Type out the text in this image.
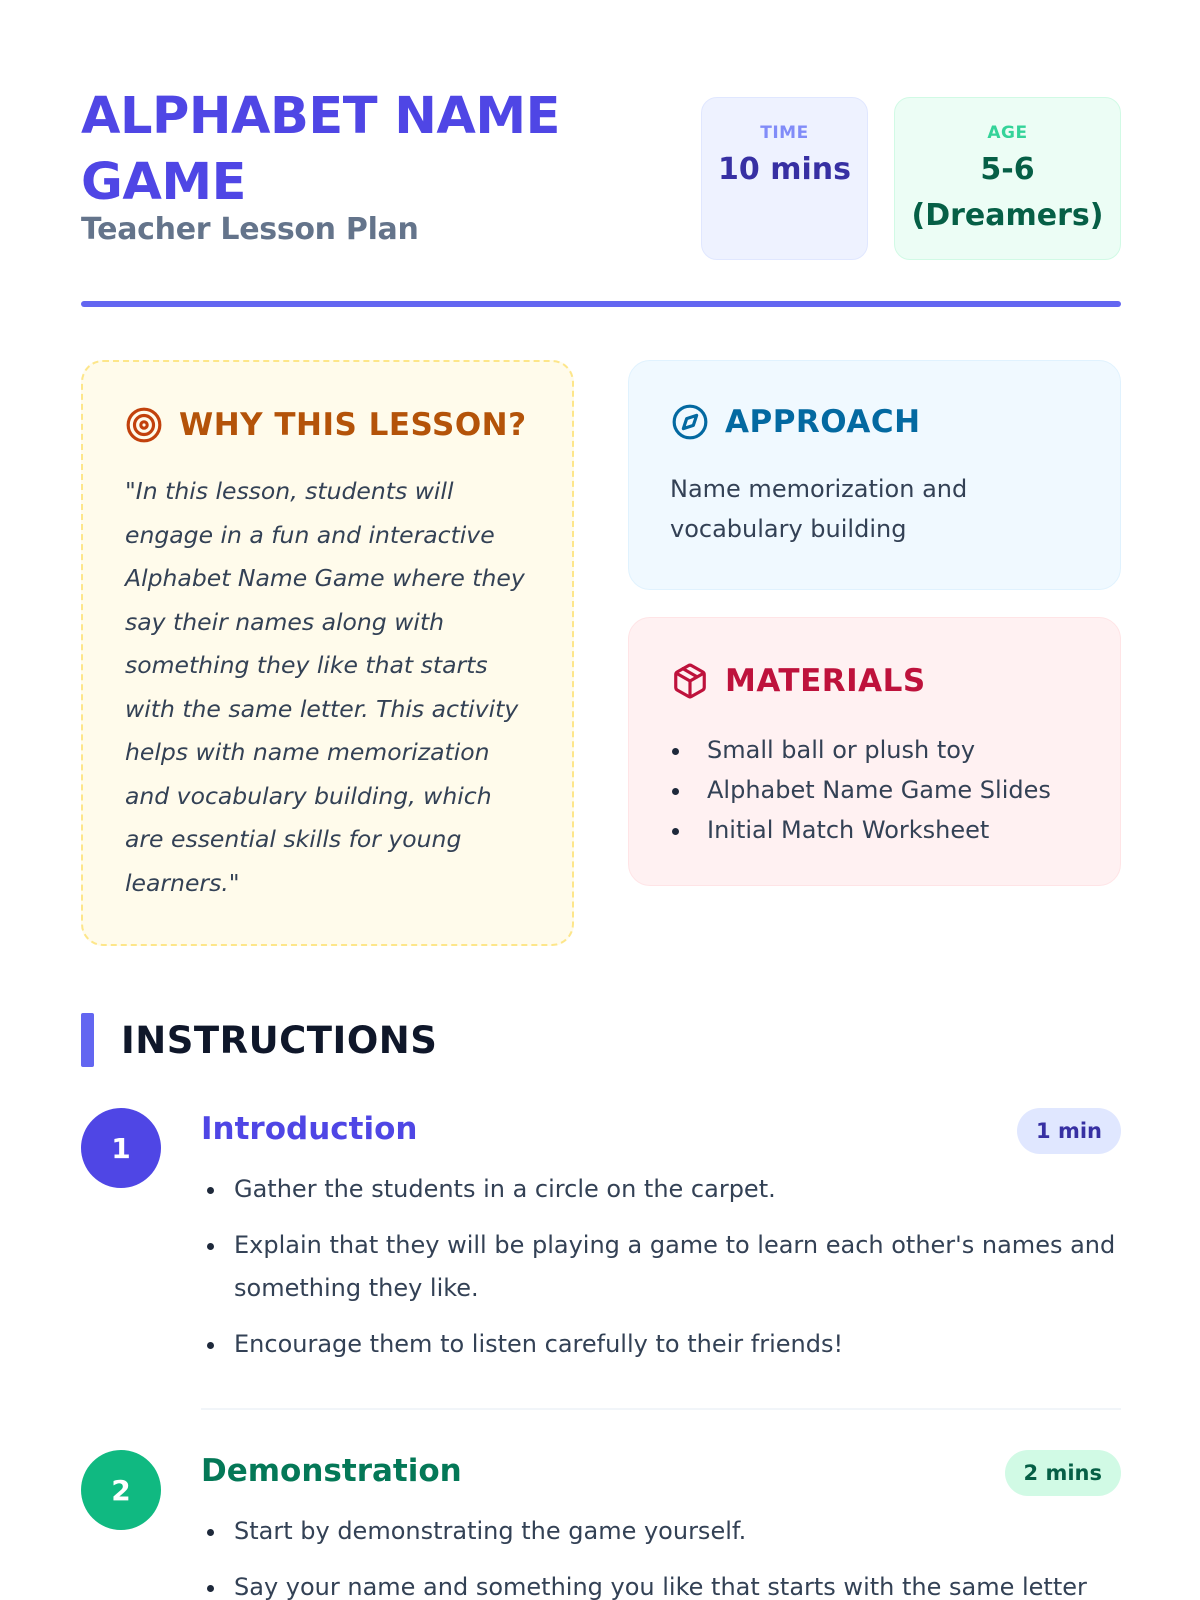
ALPHABET NAME GAME
Teacher Lesson Plan
TIME
10 mins
AGE
5-6 (Dreamers)
WHY THIS LESSON?

"In this lesson, students will engage in a fun and interactive Alphabet Name Game where they say their names along with something they like that starts with the same letter. This activity helps with name memorization and vocabulary building, which are essential skills for young learners."

APPROACH

Name memorization and vocabulary building

MATERIALS
Small ball or plush toy
Alphabet Name Game Slides
Initial Match Worksheet
INSTRUCTIONS
1
Introduction	1 min
Gather the students in a circle on the carpet.
Explain that they will be playing a game to learn each other's names and something they like.
Encourage them to listen carefully to their friends!
2
Demonstration	2 mins
Start by demonstrating the game yourself.
Say your name and something you like that starts with the same letter
